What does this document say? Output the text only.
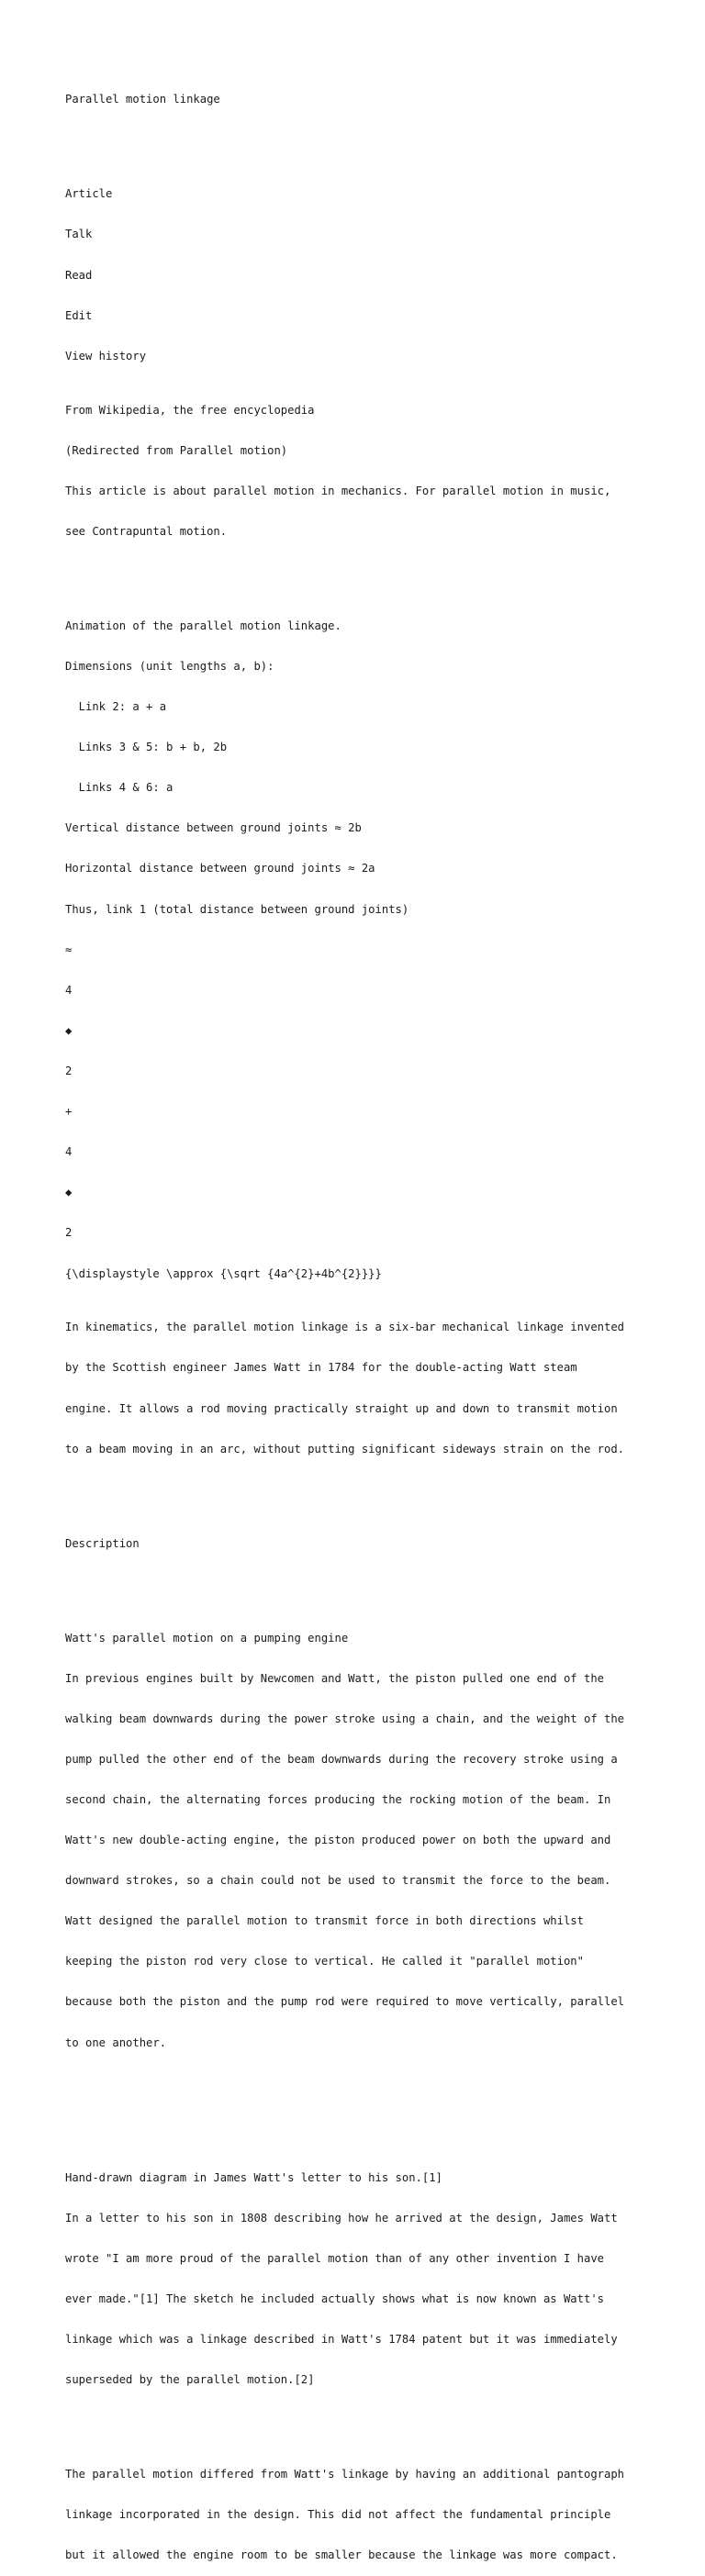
Parallel motion linkage

Article

Talk

Read

Edit

View history

From Wikipedia, the free encyclopedia

(Redirected from Parallel motion)

This article is about parallel motion in mechanics. For parallel motion in music,

see Contrapuntal motion.

Animation of the parallel motion linkage.

Dimensions (unit lengths a, b):

Link 2: a + a

Links 3 & 5: b + b, 2b

Links 4 & 6: a

Vertical distance between ground joints ≈ 2b

Horizontal distance between ground joints ≈ 2a

Thus, link 1 (total distance between ground joints)

≈

4

◆

2

+

4

◆

2

{\displaystyle \approx {\sqrt {4a^{2}+4b^{2}}}}

In kinematics, the parallel motion linkage is a six-bar mechanical linkage invented

by the Scottish engineer James Watt in 1784 for the double-acting Watt steam

engine. It allows a rod moving practically straight up and down to transmit motion

to a beam moving in an arc, without putting significant sideways strain on the rod.

Description

Watt's parallel motion on a pumping engine

In previous engines built by Newcomen and Watt, the piston pulled one end of the

walking beam downwards during the power stroke using a chain, and the weight of the

pump pulled the other end of the beam downwards during the recovery stroke using a

second chain, the alternating forces producing the rocking motion of the beam. In

Watt's new double-acting engine, the piston produced power on both the upward and

downward strokes, so a chain could not be used to transmit the force to the beam.

Watt designed the parallel motion to transmit force in both directions whilst

keeping the piston rod very close to vertical. He called it "parallel motion"

because both the piston and the pump rod were required to move vertically, parallel

to one another.

Hand-drawn diagram in James Watt's letter to his son.[1]

In a letter to his son in 1808 describing how he arrived at the design, James Watt

wrote "I am more proud of the parallel motion than of any other invention I have

ever made."[1] The sketch he included actually shows what is now known as Watt's

linkage which was a linkage described in Watt's 1784 patent but it was immediately

superseded by the parallel motion.[2]

The parallel motion differed from Watt's linkage by having an additional pantograph

linkage incorporated in the design. This did not affect the fundamental principle

but it allowed the engine room to be smaller because the linkage was more compact.
